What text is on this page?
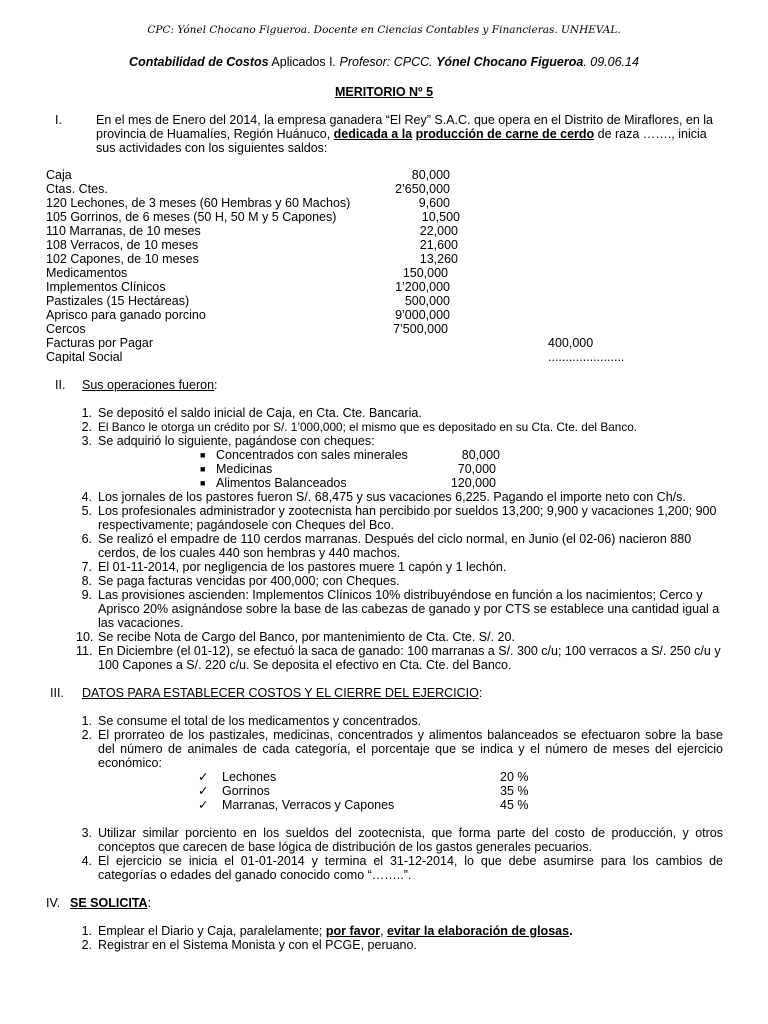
CPC: Yónel Chocano Figueroa. Docente en Ciencias Contables y Financieras. UNHEVAL.
Contabilidad de Costos Aplicados I. Profesor: CPCC. Yónel Chocano Figueroa. 09.06.14
MERITORIO Nº 5
I.	En el mes de Enero del 2014, la empresa ganadera “El Rey” S.A.C. que opera en el Distrito de Miraflores, en la provincia de Huamalíes, Región Huánuco, dedicada a la producción de carne de cerdo de raza ……., inicia sus actividades con los siguientes saldos:
Caja	80,000
Ctas. Ctes.	2’650,000
120 Lechones, de 3 meses (60 Hembras y 60 Machos)	9,600
105 Gorrinos, de 6 meses (50 H, 50 M y 5 Capones)	10,500
110 Marranas, de 10 meses	22,000
108 Verracos, de 10 meses	21,600
102 Capones, de 10 meses	13,260
Medicamentos	150,000
Implementos Clínicos	1’200,000
Pastizales (15 Hectáreas)	500,000
Aprisco para ganado porcino	9’000,000
Cercos	7’500,000
Facturas por Pagar	400,000
Capital Social	......................
II. Sus operaciones fueron:
1. Se depositó el saldo inicial de Caja, en Cta. Cte. Bancaria.
2. El Banco le otorga un crédito por S/. 1’000,000; el mismo que es depositado en su Cta. Cte. del Banco.
3. Se adquirió lo siguiente, pagándose con cheques:
■ Concentrados con sales minerales	80,000
■ Medicinas	70,000
■ Alimentos Balanceados	120,000
4. Los jornales de los pastores fueron S/. 68,475 y sus vacaciones 6,225. Pagando el importe neto con Ch/s.
5. Los profesionales administrador y zootecnista han percibido por sueldos 13,200; 9,900 y vacaciones 1,200; 900 respectivamente; pagándosele con Cheques del Bco.
6. Se realizó el empadre de 110 cerdos marranas. Después del ciclo normal, en Junio (el 02-06) nacieron 880 cerdos, de los cuales 440 son hembras y 440 machos.
7. El 01-11-2014, por negligencia de los pastores muere 1 capón y 1 lechón.
8. Se paga facturas vencidas por 400,000; con Cheques.
9. Las provisiones ascienden: Implementos Clínicos 10% distribuyéndose en función a los nacimientos; Cerco y Aprisco 20% asignándose sobre la base de las cabezas de ganado y por CTS se establece una cantidad igual a las vacaciones.
10. Se recibe Nota de Cargo del Banco, por mantenimiento de Cta. Cte. S/. 20.
11. En Diciembre (el 01-12), se efectuó la saca de ganado: 100 marranas a S/. 300 c/u; 100 verracos a S/. 250 c/u y 100 Capones a S/. 220 c/u. Se deposita el efectivo en Cta. Cte. del Banco.
III. DATOS PARA ESTABLECER COSTOS Y EL CIERRE DEL EJERCICIO:
1. Se consume el total de los medicamentos y concentrados.
2. El prorrateo de los pastizales, medicinas, concentrados y alimentos balanceados se efectuaron sobre la base del número de animales de cada categoría, el porcentaje que se indica y el número de meses del ejercicio económico:
✓ Lechones	20 %
✓ Gorrinos	35 %
✓ Marranas, Verracos y Capones	45 %
3. Utilizar similar porciento en los sueldos del zootecnista, que forma parte del costo de producción, y otros conceptos que carecen de base lógica de distribución de los gastos generales pecuarios.
4. El ejercicio se inicia el 01-01-2014 y termina el 31-12-2014, lo que debe asumirse para los cambios de categorías o edades del ganado conocido como “……..”.
IV. SE SOLICITA:
1. Emplear el Diario y Caja, paralelamente; por favor, evitar la elaboración de glosas.
2. Registrar en el Sistema Monista y con el PCGE, peruano.
